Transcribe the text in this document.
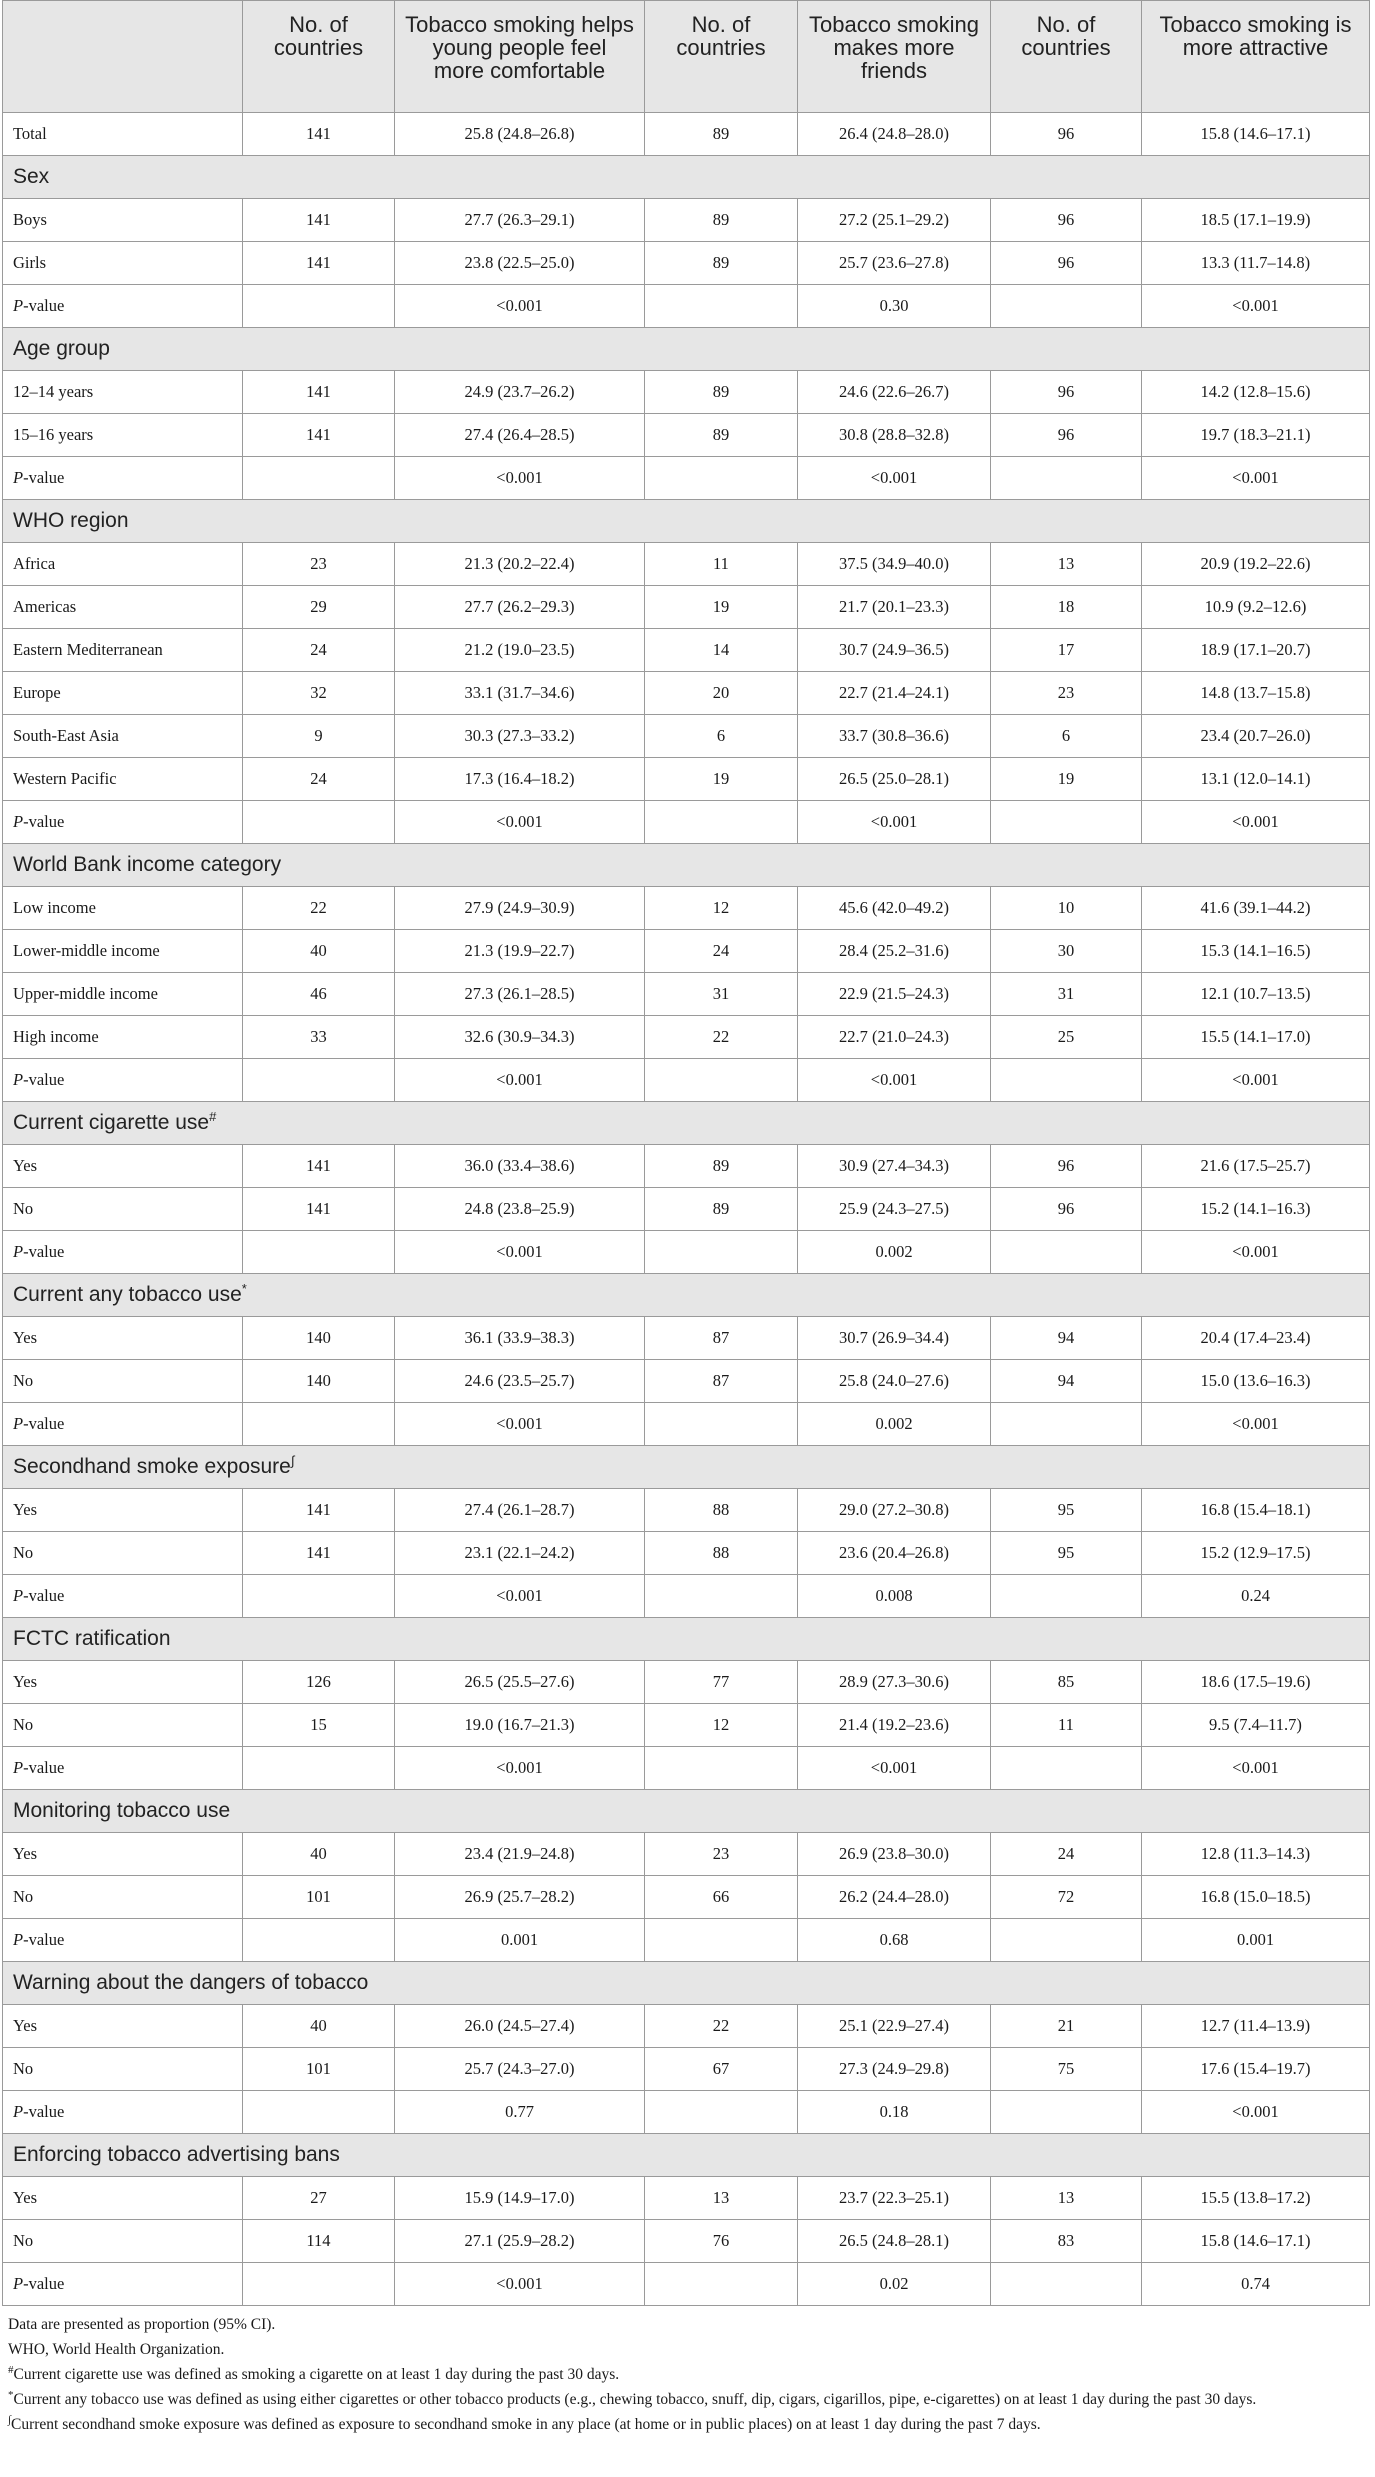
	No. of countries	Tobacco smoking helps young people feel more comfortable	No. of countries	Tobacco smoking makes more friends	No. of countries	Tobacco smoking is more attractive
Total	141	25.8 (24.8–26.8)	89	26.4 (24.8–28.0)	96	15.8 (14.6–17.1)
Sex						
Boys	141	27.7 (26.3–29.1)	89	27.2 (25.1–29.2)	96	18.5 (17.1–19.9)
Girls	141	23.8 (22.5–25.0)	89	25.7 (23.6–27.8)	96	13.3 (11.7–14.8)
P-value		<0.001		0.30		<0.001
Age group						
12–14 years	141	24.9 (23.7–26.2)	89	24.6 (22.6–26.7)	96	14.2 (12.8–15.6)
15–16 years	141	27.4 (26.4–28.5)	89	30.8 (28.8–32.8)	96	19.7 (18.3–21.1)
P-value		<0.001		<0.001		<0.001
WHO region						
Africa	23	21.3 (20.2–22.4)	11	37.5 (34.9–40.0)	13	20.9 (19.2–22.6)
Americas	29	27.7 (26.2–29.3)	19	21.7 (20.1–23.3)	18	10.9 (9.2–12.6)
Eastern Mediterranean	24	21.2 (19.0–23.5)	14	30.7 (24.9–36.5)	17	18.9 (17.1–20.7)
Europe	32	33.1 (31.7–34.6)	20	22.7 (21.4–24.1)	23	14.8 (13.7–15.8)
South-East Asia	9	30.3 (27.3–33.2)	6	33.7 (30.8–36.6)	6	23.4 (20.7–26.0)
Western Pacific	24	17.3 (16.4–18.2)	19	26.5 (25.0–28.1)	19	13.1 (12.0–14.1)
P-value		<0.001		<0.001		<0.001
World Bank income category						
Low income	22	27.9 (24.9–30.9)	12	45.6 (42.0–49.2)	10	41.6 (39.1–44.2)
Lower-middle income	40	21.3 (19.9–22.7)	24	28.4 (25.2–31.6)	30	15.3 (14.1–16.5)
Upper-middle income	46	27.3 (26.1–28.5)	31	22.9 (21.5–24.3)	31	12.1 (10.7–13.5)
High income	33	32.6 (30.9–34.3)	22	22.7 (21.0–24.3)	25	15.5 (14.1–17.0)
P-value		<0.001		<0.001		<0.001
Current cigarette use#
Yes	141	36.0 (33.4–38.6)	89	30.9 (27.4–34.3)	96	21.6 (17.5–25.7)
No	141	24.8 (23.8–25.9)	89	25.9 (24.3–27.5)	96	15.2 (14.1–16.3)
P-value		<0.001		0.002		<0.001
Current any tobacco use*
Yes	140	36.1 (33.9–38.3)	87	30.7 (26.9–34.4)	94	20.4 (17.4–23.4)
No	140	24.6 (23.5–25.7)	87	25.8 (24.0–27.6)	94	15.0 (13.6–16.3)
P-value		<0.001		0.002		<0.001
Secondhand smoke exposure∫
Yes	141	27.4 (26.1–28.7)	88	29.0 (27.2–30.8)	95	16.8 (15.4–18.1)
No	141	23.1 (22.1–24.2)	88	23.6 (20.4–26.8)	95	15.2 (12.9–17.5)
P-value		<0.001		0.008		0.24
FCTC ratification						
Yes	126	26.5 (25.5–27.6)	77	28.9 (27.3–30.6)	85	18.6 (17.5–19.6)
No	15	19.0 (16.7–21.3)	12	21.4 (19.2–23.6)	11	9.5 (7.4–11.7)
P-value		<0.001		<0.001		<0.001
Monitoring tobacco use						
Yes	40	23.4 (21.9–24.8)	23	26.9 (23.8–30.0)	24	12.8 (11.3–14.3)
No	101	26.9 (25.7–28.2)	66	26.2 (24.4–28.0)	72	16.8 (15.0–18.5)
P-value		0.001		0.68		0.001
Warning about the dangers of tobacco						
Yes	40	26.0 (24.5–27.4)	22	25.1 (22.9–27.4)	21	12.7 (11.4–13.9)
No	101	25.7 (24.3–27.0)	67	27.3 (24.9–29.8)	75	17.6 (15.4–19.7)
P-value		0.77		0.18		<0.001
Enforcing tobacco advertising bans						
Yes	27	15.9 (14.9–17.0)	13	23.7 (22.3–25.1)	13	15.5 (13.8–17.2)
No	114	27.1 (25.9–28.2)	76	26.5 (24.8–28.1)	83	15.8 (14.6–17.1)
P-value		<0.001		0.02		0.74
Data are presented as proportion (95% CI).
WHO, World Health Organization.
#Current cigarette use was defined as smoking a cigarette on at least 1 day during the past 30 days.
*Current any tobacco use was defined as using either cigarettes or other tobacco products (e.g., chewing tobacco, snuff, dip, cigars, cigarillos, pipe, e-cigarettes) on at least 1 day during the past 30 days.
∫Current secondhand smoke exposure was defined as exposure to secondhand smoke in any place (at home or in public places) on at least 1 day during the past 7 days.
